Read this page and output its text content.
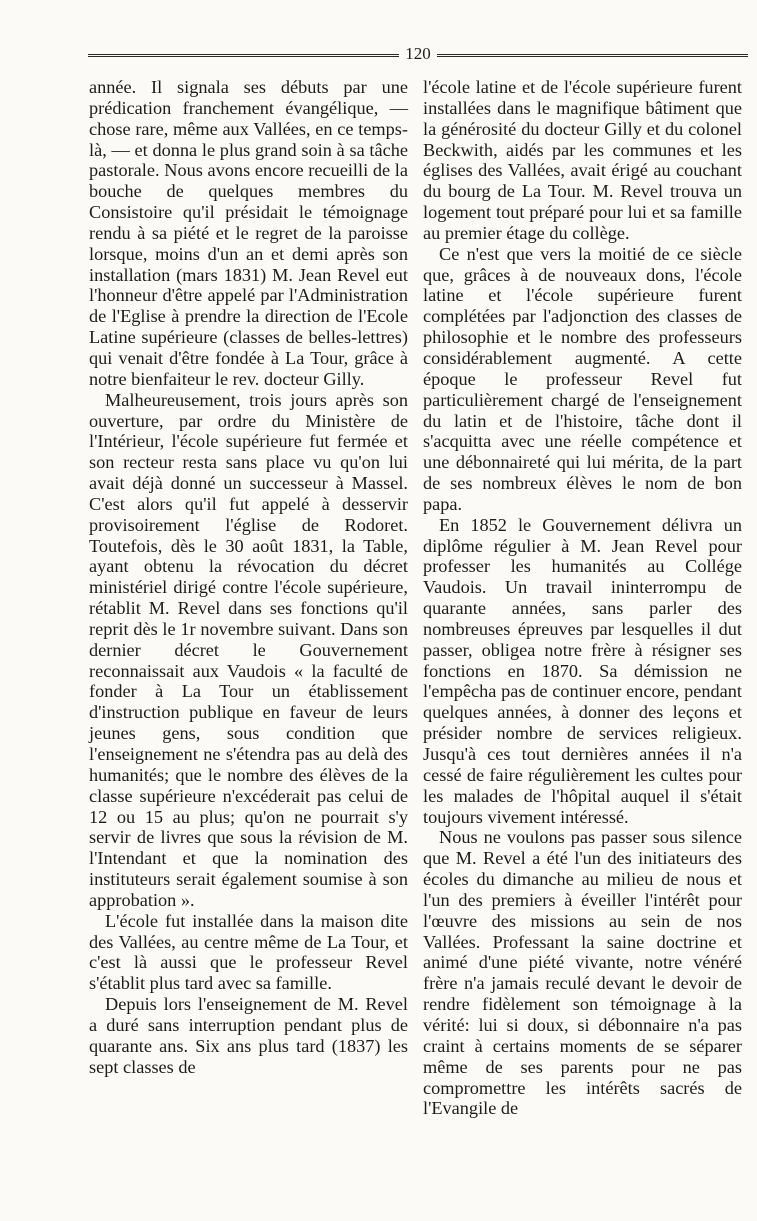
120

année. Il signala ses débuts par une prédication franchement évangélique, — chose rare, même aux Vallées, en ce temps-là, — et donna le plus grand soin à sa tâche pastorale. Nous avons encore recueilli de la bouche de quelques membres du Consistoire qu'il présidait le témoignage rendu à sa piété et le regret de la paroisse lorsque, moins d'un an et demi après son installation (mars 1831) M. Jean Revel eut l'honneur d'être appelé par l'Administration de l'Eglise à prendre la direction de l'Ecole Latine supérieure (classes de belles-lettres) qui venait d'être fondée à La Tour, grâce à notre bienfaiteur le rev. docteur Gilly.

Malheureusement, trois jours après son ouverture, par ordre du Ministère de l'Intérieur, l'école supérieure fut fermée et son recteur resta sans place vu qu'on lui avait déjà donné un successeur à Massel. C'est alors qu'il fut appelé à desservir provisoirement l'église de Rodoret. Toutefois, dès le 30 août 1831, la Table, ayant obtenu la révocation du décret ministériel dirigé contre l'école supérieure, rétablit M. Revel dans ses fonctions qu'il reprit dès le 1r novembre suivant. Dans son dernier décret le Gouvernement reconnaissait aux Vaudois « la faculté de fonder à La Tour un établissement d'instruction publique en faveur de leurs jeunes gens, sous condition que l'enseignement ne s'étendra pas au delà des humanités; que le nombre des élèves de la classe supérieure n'excéderait pas celui de 12 ou 15 au plus; qu'on ne pourrait s'y servir de livres que sous la révision de M. l'Intendant et que la nomination des instituteurs serait également soumise à son approbation ».

L'école fut installée dans la maison dite des Vallées, au centre même de La Tour, et c'est là aussi que le professeur Revel s'établit plus tard avec sa famille.

Depuis lors l'enseignement de M. Revel a duré sans interruption pendant plus de quarante ans. Six ans plus tard (1837) les sept classes de

l'école latine et de l'école supérieure furent installées dans le magnifique bâtiment que la générosité du docteur Gilly et du colonel Beckwith, aidés par les communes et les églises des Vallées, avait érigé au couchant du bourg de La Tour. M. Revel trouva un logement tout préparé pour lui et sa famille au premier étage du collège.

Ce n'est que vers la moitié de ce siècle que, grâces à de nouveaux dons, l'école latine et l'école supérieure furent complétées par l'adjonction des classes de philosophie et le nombre des professeurs considérablement augmenté. A cette époque le professeur Revel fut particulièrement chargé de l'enseignement du latin et de l'histoire, tâche dont il s'acquitta avec une réelle compétence et une débonnaireté qui lui mérita, de la part de ses nombreux élèves le nom de bon papa.

En 1852 le Gouvernement délivra un diplôme régulier à M. Jean Revel pour professer les humanités au Collége Vaudois. Un travail ininterrompu de quarante années, sans parler des nombreuses épreuves par lesquelles il dut passer, obligea notre frère à résigner ses fonctions en 1870. Sa démission ne l'empêcha pas de continuer encore, pendant quelques années, à donner des leçons et présider nombre de services religieux. Jusqu'à ces tout dernières années il n'a cessé de faire régulièrement les cultes pour les malades de l'hôpital auquel il s'était toujours vivement intéressé.

Nous ne voulons pas passer sous silence que M. Revel a été l'un des initiateurs des écoles du dimanche au milieu de nous et l'un des premiers à éveiller l'intérêt pour l'œuvre des missions au sein de nos Vallées. Professant la saine doctrine et animé d'une piété vivante, notre vénéré frère n'a jamais reculé devant le devoir de rendre fidèlement son témoignage à la vérité: lui si doux, si débonnaire n'a pas craint à certains moments de se séparer même de ses parents pour ne pas compromettre les intérêts sacrés de l'Evangile de
